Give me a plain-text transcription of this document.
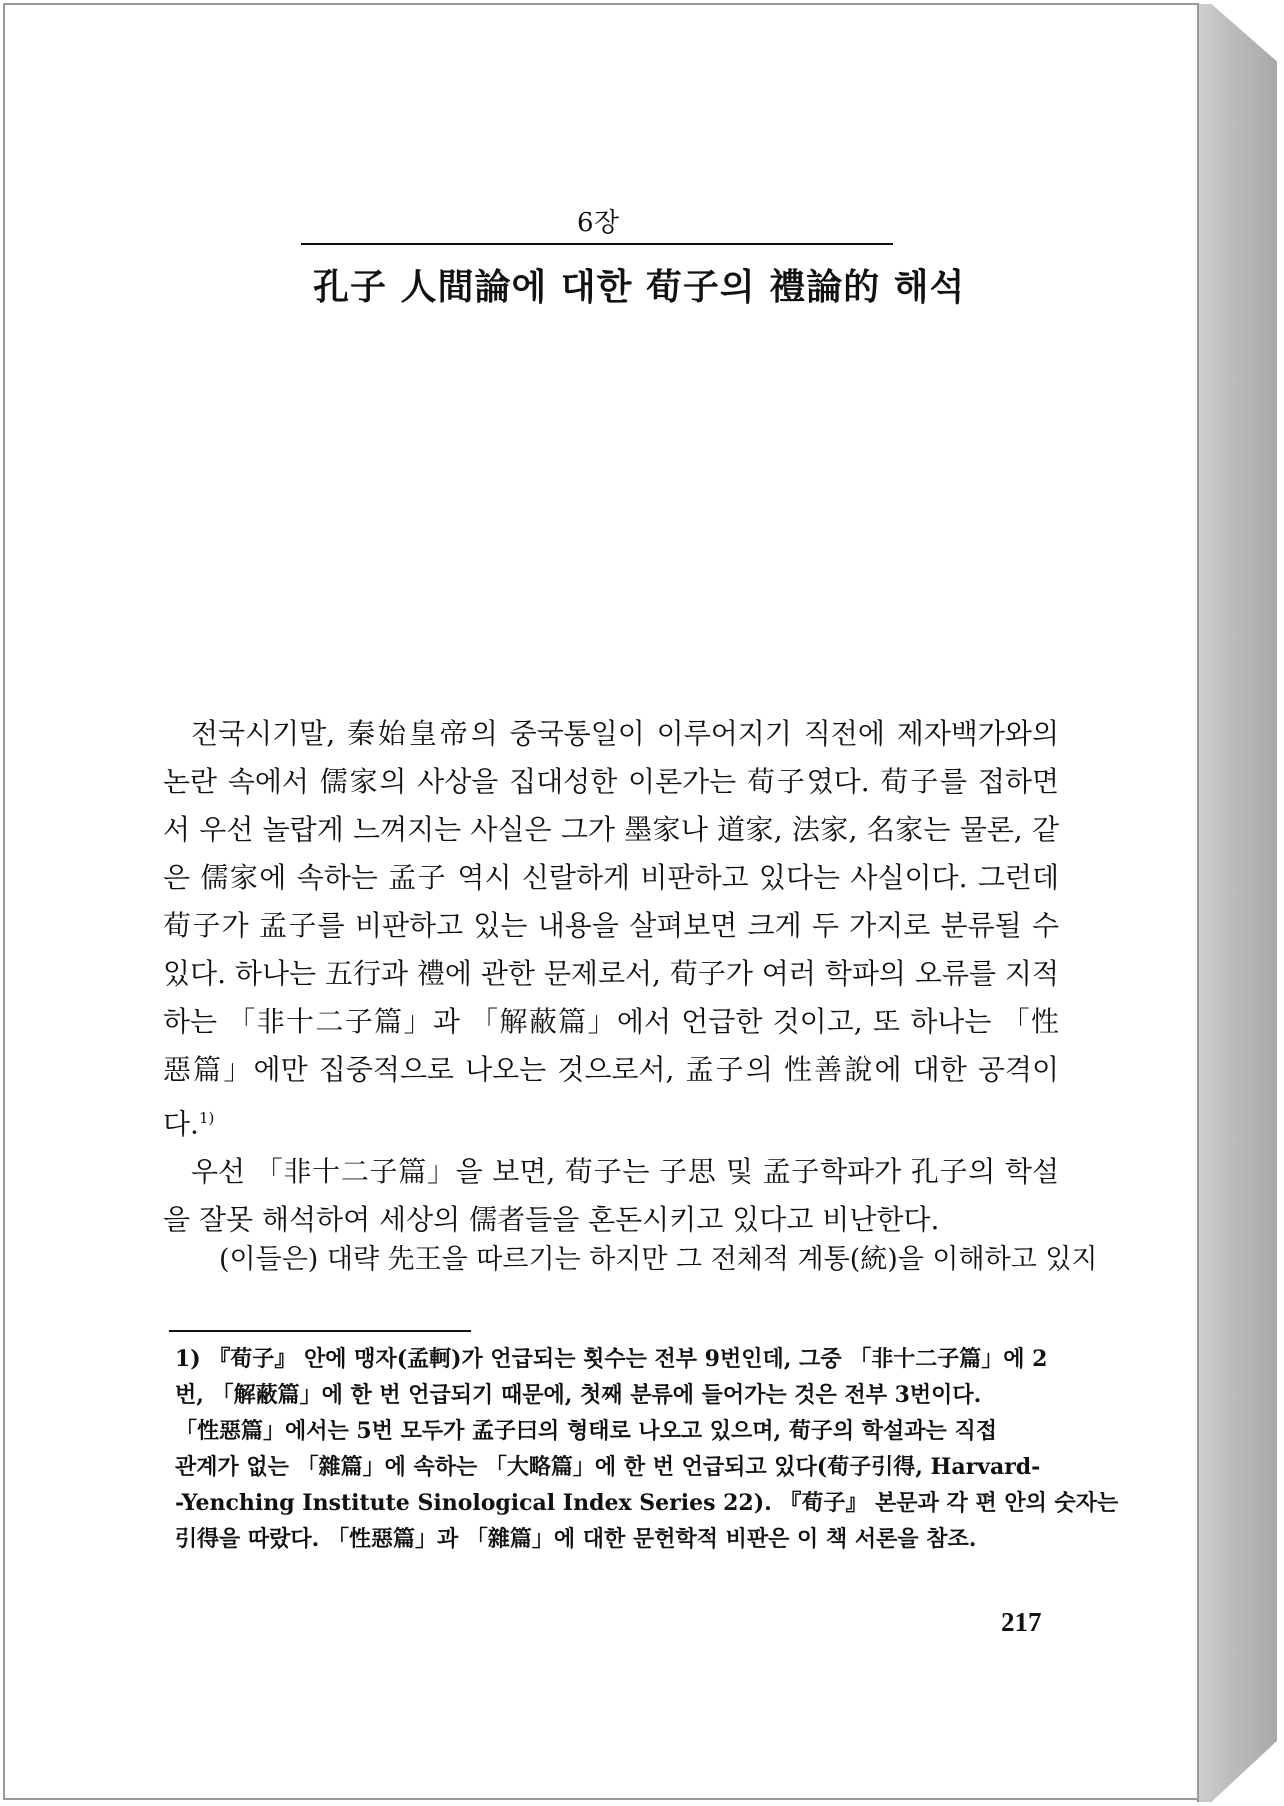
6장
孔子 人間論에 대한 荀子의 禮論的 해석

전국시기말, 秦始皇帝의 중국통일이 이루어지기 직전에 제자백가와의 논란 속에서 儒家의 사상을 집대성한 이론가는 荀子였다. 荀子를 접하면서 우선 놀랍게 느껴지는 사실은 그가 墨家나 道家, 法家, 名家는 물론, 같은 儒家에 속하는 孟子 역시 신랄하게 비판하고 있다는 사실이다. 그런데 荀子가 孟子를 비판하고 있는 내용을 살펴보면 크게 두 가지로 분류될 수 있다. 하나는 五行과 禮에 관한 문제로서, 荀子가 여러 학파의 오류를 지적하는 「非十二子篇」과 「解蔽篇」에서 언급한 것이고, 또 하나는 「性惡篇」에만 집중적으로 나오는 것으로서, 孟子의 性善說에 대한 공격이다.$^{1)}$

우선 「非十二子篇」을 보면, 荀子는 子思 및 孟子학파가 孔子의 학설을 잘못 해석하여 세상의 儒者들을 혼돈시키고 있다고 비난한다.

(이들은) 대략 先王을 따르기는 하지만 그 전체적 계통(統)을 이해하고 있지

1) 『荀子』 안에 맹자(孟軻)가 언급되는 횟수는 전부 9번인데, 그중 「非十二子篇」에 2
번, 「解蔽篇」에 한 번 언급되기 때문에, 첫째 분류에 들어가는 것은 전부 3번이다.
「性惡篇」에서는 5번 모두가 孟子曰의 형태로 나오고 있으며, 荀子의 학설과는 직접
관계가 없는 「雜篇」에 속하는 「大略篇」에 한 번 언급되고 있다(荀子引得, Harvard-
-Yenching Institute Sinological Index Series 22). 『荀子』 본문과 각 편 안의 숫자는
引得을 따랐다. 「性惡篇」과 「雜篇」에 대한 문헌학적 비판은 이 책 서론을 참조.
217
